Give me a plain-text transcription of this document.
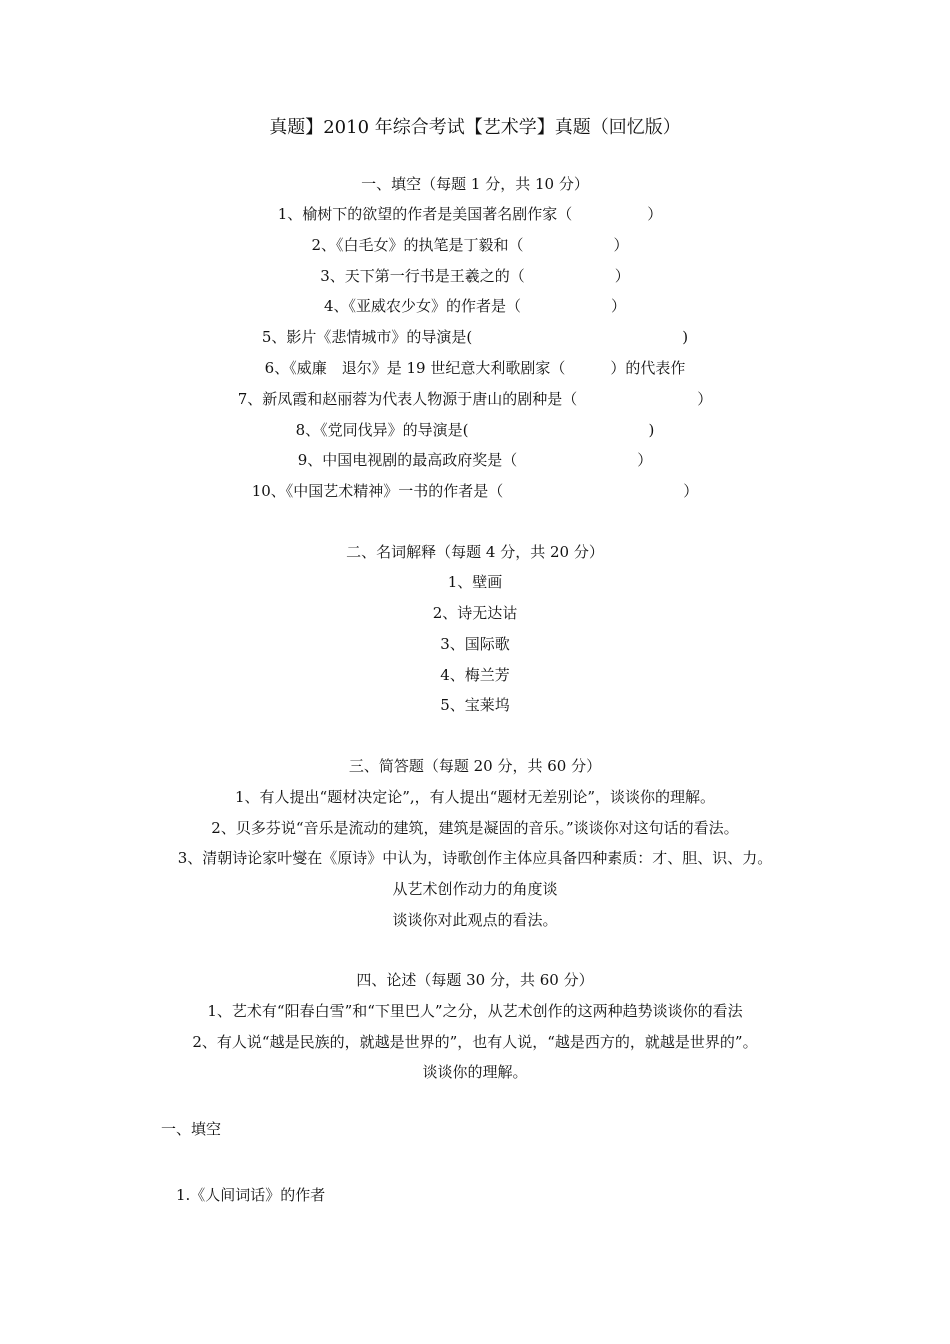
真题】2010 年综合考试【艺术学】真题（回忆版）
一、填空（每题 1 分，共 10 分）
1、榆树下的欲望的作者是美国著名剧作家（　　　　　）
2、《白毛女》的执笔是丁毅和（　　　　　　）
3、天下第一行书是王羲之的（　　　　　　）
4、《亚威农少女》的作者是（　　　　　　）
5、影片《悲情城市》的导演是(　　　　　　　　　　　　　　)
6、《威廉　退尔》是 19 世纪意大利歌剧家（　　　）的代表作
7、新凤霞和赵丽蓉为代表人物源于唐山的剧种是（　　　　　　　　）
8、《党同伐异》的导演是(　　　　　　　　　　　　)
9、中国电视剧的最高政府奖是（　　　　　　　　）
10、《中国艺术精神》一书的作者是（　　　　　　　　　　　　）
二、名词解释（每题 4 分，共 20 分）
1、壁画
2、诗无达诂
3、国际歌
4、梅兰芳
5、宝莱坞
三、简答题（每题 20 分，共 60 分）
1、有人提出“题材决定论”,，有人提出“题材无差别论”，谈谈你的理解。
2、贝多芬说“音乐是流动的建筑，建筑是凝固的音乐。”谈谈你对这句话的看法。
3、清朝诗论家叶燮在《原诗》中认为，诗歌创作主体应具备四种素质：才、胆、识、力。
从艺术创作动力的角度谈
谈谈你对此观点的看法。
四、论述（每题 30 分，共 60 分）
1、艺术有“阳春白雪”和“下里巴人”之分，从艺术创作的这两种趋势谈谈你的看法
2、有人说“越是民族的，就越是世界的”，也有人说，“越是西方的，就越是世界的”。
谈谈你的理解。
一、填空
1.《人间词话》的作者
